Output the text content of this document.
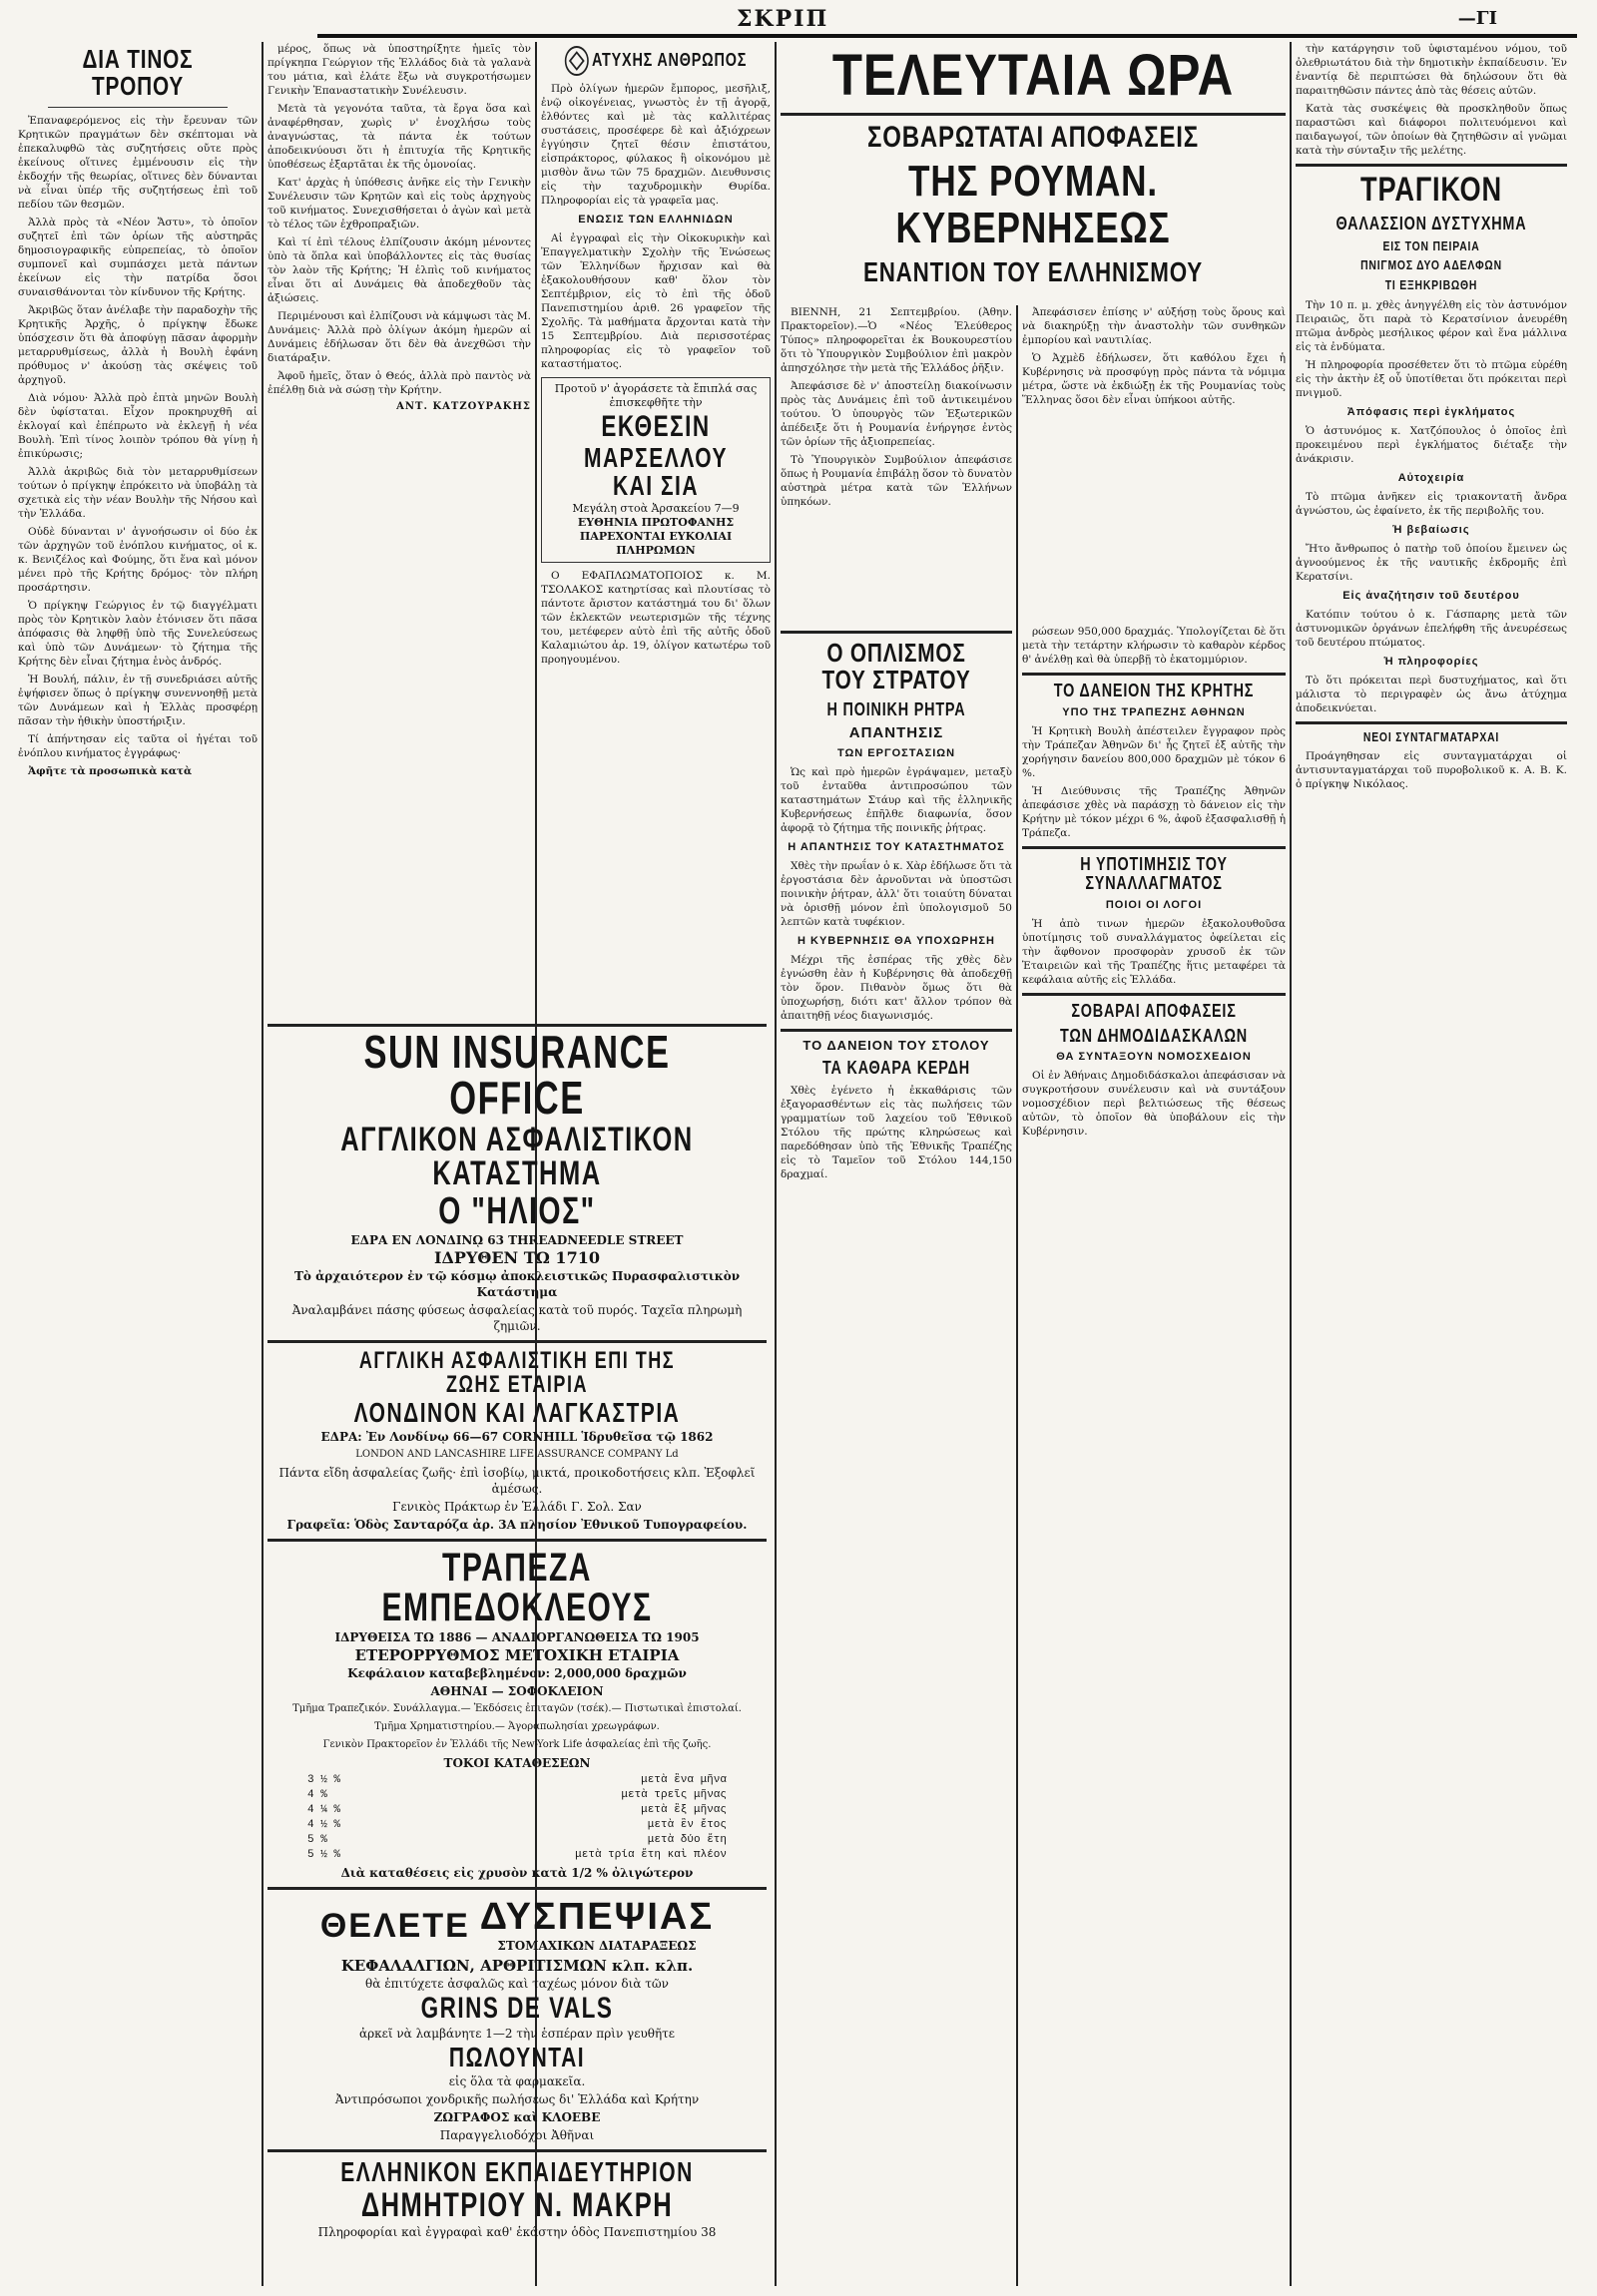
ΣΚΡΙΠ	—ΓΙ
ΔΙΑ ΤΙΝΟΣ ΤΡΟΠΟΥ

Ἐπαναφερόμενος εἰς τὴν ἔρευναν τῶν Κρητικῶν πραγμάτων δὲν σκέπτομαι νὰ ἐπεκαλυφθῶ τὰς συζητήσεις οὔτε πρὸς ἐκείνους οἵτινες ἐμμένουσιν εἰς τὴν ἐκδοχήν τῆς θεωρίας, οἵτινες δὲν δύνανται νὰ εἶναι ὑπέρ τῆς συζητήσεως ἐπὶ τοῦ πεδίου τῶν θεσμῶν.

Ἀλλὰ πρὸς τὰ «Νέον Ἄστυ», τὸ ὁποῖον συζητεῖ ἐπὶ τῶν ὁρίων τῆς αὐστηρᾶς δημοσιογραφικῆς εὐπρεπείας, τὸ ὁποῖον συμπονεῖ καὶ συμπάσχει μετὰ πάντων ἐκείνων εἰς τὴν πατρίδα ὅσοι συναισθάνονται τὸν κίνδυνον τῆς Κρήτης.

Ἀκριβῶς ὅταν ἀνέλαβε τὴν παραδοχὴν τῆς Κρητικῆς Ἀρχῆς, ὁ πρίγκηψ ἔδωκε ὑπόσχεσιν ὅτι θὰ ἀποφύγῃ πᾶσαν ἀφορμὴν μεταρρυθμίσεως, ἀλλὰ ἡ Βουλὴ ἐφάνη πρόθυμος ν' ἀκούσῃ τὰς σκέψεις τοῦ ἀρχηγοῦ.

Διὰ νόμου· Ἀλλὰ πρὸ ἐπτὰ μηνῶν Βουλὴ δὲν ὑφίσταται. Εἶχον προκηρυχθῆ αἱ ἐκλογαί καὶ ἐπέπρωτο νὰ ἐκλεγῇ ἡ νέα Βουλὴ. Ἐπὶ τίνος λοιπὸν τρόπου θὰ γίνῃ ἡ ἐπικύρωσις;

Ἀλλὰ ἀκριβῶς διὰ τὸν μεταρρυθμίσεων τούτων ὁ πρίγκηψ ἐπρόκειτο νὰ ὑποβάλῃ τὰ σχετικὰ εἰς τὴν νέαν Βουλὴν τῆς Νήσου καὶ τὴν Ἑλλάδα.

Οὐδὲ δύνανται ν' ἀγνοήσωσιν οἱ δύο ἐκ τῶν ἀρχηγῶν τοῦ ἐνόπλου κινήματος, οἱ κ. κ. Βενιζέλος καὶ Φούμης, ὅτι ἕνα καὶ μόνον μένει πρὸ τῆς Κρήτης δρόμος· τὸν πλήρη προσάρτησιν.

Ὁ πρίγκηψ Γεώργιος ἐν τῷ διαγγέλματι πρὸς τὸν Κρητικὸν λαὸν ἐτόνισεν ὅτι πᾶσα ἀπόφασις θὰ ληφθῇ ὑπὸ τῆς Συνελεύσεως καὶ ὑπὸ τῶν Δυνάμεων· τὸ ζήτημα τῆς Κρήτης δὲν εἶναι ζήτημα ἑνὸς ἀνδρός.

Ἡ Βουλή, πάλιν, ἐν τῇ συνεδριάσει αὐτῆς ἐψήφισεν ὅπως ὁ πρίγκηψ συνεννοηθῇ μετὰ τῶν Δυνάμεων καὶ ἡ Ἑλλὰς προσφέρῃ πᾶσαν τὴν ἠθικὴν ὑποστήριξιν.

Τί ἀπήντησαν εἰς ταῦτα οἱ ἠγέται τοῦ ἐνόπλου κινήματος ἐγγράφως·

Ἀφῆτε τὰ προσωπικὰ κατὰ

μέρος, ὅπως νὰ ὑποστηρίξητε ἡμεῖς τὸν πρίγκηπα Γεώργιον τῆς Ἑλλάδος διὰ τὰ γαλανὰ του μάτια, καὶ ἐλάτε ἔξω νὰ συγκροτήσωμεν Γενικὴν Ἐπαναστατικὴν Συνέλευσιν.

Μετὰ τὰ γεγονότα ταῦτα, τὰ ἔργα ὅσα καὶ ἀναφέρθησαν, χωρὶς ν' ἐνοχλήσω τοὺς ἀναγνώστας, τὰ πάντα ἐκ τούτων ἀποδεικνύουσι ὅτι ἡ ἐπιτυχία τῆς Κρητικῆς ὑποθέσεως ἐξαρτᾶται ἐκ τῆς ὁμονοίας.

Κατ' ἀρχὰς ἡ ὑπόθεσις ἀνῆκε εἰς τὴν Γενικὴν Συνέλευσιν τῶν Κρητῶν καὶ εἰς τοὺς ἀρχηγοὺς τοῦ κινήματος. Συνεχισθήσεται ὁ ἀγὼν καὶ μετὰ τὸ τέλος τῶν ἐχθροπραξιῶν.

Καὶ τί ἐπὶ τέλους ἐλπίζουσιν ἀκόμη μένοντες ὑπὸ τὰ ὅπλα καὶ ὑποβάλλοντες εἰς τὰς θυσίας τὸν λαὸν τῆς Κρήτης; Ἡ ἐλπὶς τοῦ κινήματος εἶναι ὅτι αἱ Δυνάμεις θὰ ἀποδεχθοῦν τὰς ἀξιώσεις.

Περιμένουσι καὶ ἐλπίζουσι νὰ κάμψωσι τὰς Μ. Δυνάμεις· Ἀλλὰ πρὸ ὀλίγων ἀκόμη ἡμερῶν αἱ Δυνάμεις ἐδήλωσαν ὅτι δὲν θὰ ἀνεχθῶσι τὴν διατάραξιν.

Ἀφοῦ ἡμεῖς, ὅταν ὁ Θεός, ἀλλὰ πρὸ παντὸς νὰ ἐπέλθῃ διὰ νὰ σώσῃ τὴν Κρήτην.

ΑΝΤ. ΚΑΤΖΟΥΡΑΚΗΣ
ΑΤΥΧΗΣ ΑΝΘΡΩΠΟΣ

Πρὸ ὀλίγων ἡμερῶν ἔμπορος, μεσῆλιξ, ἐνῷ οἰκογένειας, γνωστὸς ἐν τῇ ἀγορᾷ, ἐλθόντες καὶ μὲ τὰς καλλιτέρας συστάσεις, προσέφερε δὲ καὶ ἀξιόχρεων ἐγγύησιν ζητεῖ θέσιν ἐπιστάτου, εἰσπράκτορος, φύλακος ἢ οἰκονόμου μὲ μισθὸν ἄνω τῶν 75 δραχμῶν. Διευθυνσις εἰς τὴν ταχυδρομικὴν Θυρίδα. Πληροφορίαι εἰς τὰ γραφεῖα μας.

ΕΝΩΣΙΣ ΤΩΝ ΕΛΛΗΝΙΔΩΝ

Αἱ ἐγγραφαὶ εἰς τὴν Οἰκοκυρικὴν καὶ Ἐπαγγελματικὴν Σχολὴν τῆς Ἑνώσεως τῶν Ἑλληνίδων ἤρχισαν καὶ θὰ ἐξακολουθήσουν καθ' ὅλον τὸν Σεπτέμβριον, εἰς τὸ ἐπὶ τῆς ὁδοῦ Πανεπιστημίου ἀριθ. 26 γραφεῖον τῆς Σχολῆς. Τὰ μαθήματα ἄρχονται κατὰ τὴν 15 Σεπτεμβρίου. Διὰ περισσοτέρας πληροφορίας εἰς τὸ γραφεῖον τοῦ καταστήματος.

Προτοῦ ν' ἀγοράσετε τὰ ἔπιπλά σας ἐπισκεφθῆτε τὴν
ΕΚΘΕΣΙΝ
ΜΑΡΣΕΛΛΟΥ ΚΑΙ ΣΙΑ
Μεγάλη στοὰ Ἀρσακείου 7—9
ΕΥΘΗΝΙΑ ΠΡΩΤΟΦΑΝΗΣ
ΠΑΡΕΧΟΝΤΑΙ ΕΥΚΟΛΙΑΙ ΠΛΗΡΩΜΩΝ

Ο ΕΦΑΠΛΩΜΑΤΟΠΟΙΟΣ κ. Μ. ΤΣΟΛΑΚΟΣ κατηρτίσας καὶ πλουτίσας τὸ πάντοτε ἄριστον κατάστημά του δι' ὅλων τῶν ἐκλεκτῶν νεωτερισμῶν τῆς τέχνης του, μετέφερεν αὐτὸ ἐπὶ τῆς αὐτῆς ὁδοῦ Καλαμιώτου ἀρ. 19, ὀλίγον κατωτέρω τοῦ προηγουμένου.

ΤΕΛΕΥΤΑΙΑ ΩΡΑ
ΣΟΒΑΡΩΤΑΤΑΙ ΑΠΟΦΑΣΕΙΣ
ΤΗΣ ΡΟΥΜΑΝ. ΚΥΒΕΡΝΗΣΕΩΣ
ΕΝΑΝΤΙΟΝ ΤΟΥ ΕΛΛΗΝΙΣΜΟΥ

ΒΙΕΝΝΗ, 21 Σεπτεμβρίου. (Ἀθην. Πρακτορεῖον).—Ὁ «Νέος Ἐλεύθερος Τύπος» πληροφορεῖται ἐκ Βουκουρεστίου ὅτι τὸ Ὑπουργικὸν Συμβούλιον ἐπὶ μακρὸν ἀπησχόλησε τὴν μετὰ τῆς Ἑλλάδος ῥῆξιν.

Ἀπεφάσισε δὲ ν' ἀποστείλῃ διακοίνωσιν πρὸς τὰς Δυνάμεις ἐπὶ τοῦ ἀντικειμένου τούτου. Ὁ ὑπουργὸς τῶν Ἐξωτερικῶν ἀπέδειξε ὅτι ἡ Ρουμανία ἐνήργησε ἐντὸς τῶν ὁρίων τῆς ἀξιοπρεπείας.

Τὸ Ὑπουργικὸν Συμβούλιον ἀπεφάσισε ὅπως ἡ Ρουμανία ἐπιβάλῃ ὅσον τὸ δυνατὸν αὐστηρὰ μέτρα κατὰ τῶν Ἑλλήνων ὑπηκόων.

Ἀπεφάσισεν ἐπίσης ν' αὐξήσῃ τοὺς ὅρους καὶ νὰ διακηρύξῃ τὴν ἀναστολὴν τῶν συνθηκῶν ἐμπορίου καὶ ναυτιλίας.

Ὁ Ἀχμὲδ ἐδήλωσεν, ὅτι καθόλου ἔχει ἡ Κυβέρνησις νὰ προσφύγῃ πρὸς πάντα τὰ νόμιμα μέτρα, ὥστε νὰ ἐκδιώξῃ ἐκ τῆς Ρουμανίας τοὺς Ἕλληνας ὅσοι δὲν εἶναι ὑπήκοοι αὐτῆς.

Ο ΟΠΛΙΣΜΟΣ ΤΟΥ ΣΤΡΑΤΟΥ
Η ΠΟΙΝΙΚΗ ΡΗΤΡΑ
ΑΠΑΝΤΗΣΙΣ
ΤΩΝ ΕΡΓΟΣΤΑΣΙΩΝ

Ὡς καὶ πρὸ ἡμερῶν ἐγράψαμεν, μεταξὺ τοῦ ἐνταῦθα ἀντιπροσώπου τῶν καταστημάτων Στάυρ καὶ τῆς ἑλληνικῆς Κυβερνήσεως ἐπῆλθε διαφωνία, ὅσον ἀφορᾷ τὸ ζήτημα τῆς ποινικῆς ῥήτρας.

Η ΑΠΑΝΤΗΣΙΣ ΤΟΥ ΚΑΤΑΣΤΗΜΑΤΟΣ

Χθὲς τὴν πρωΐαν ὁ κ. Χὰρ ἐδήλωσε ὅτι τὰ ἐργοστάσια δὲν ἀρνοῦνται νὰ ὑποστῶσι ποινικὴν ῥήτραν, ἀλλ' ὅτι τοιαύτη δύναται νὰ ὁρισθῇ μόνον ἐπὶ ὑπολογισμοῦ 50 λεπτῶν κατὰ τυφέκιον.

Η ΚΥΒΕΡΝΗΣΙΣ ΘΑ ΥΠΟΧΩΡΗΣΗ

Μέχρι τῆς ἑσπέρας τῆς χθὲς δὲν ἐγνώσθη ἐὰν ἡ Κυβέρνησις θὰ ἀποδεχθῇ τὸν ὅρον. Πιθανὸν ὅμως ὅτι θὰ ὑποχωρήσῃ, διότι κατ' ἄλλον τρόπον θὰ ἀπαιτηθῇ νέος διαγωνισμός.

ΤΟ ΔΑΝΕΙΟΝ ΤΟΥ ΣΤΟΛΟΥ
ΤΑ ΚΑΘΑΡΑ ΚΕΡΔΗ

Χθὲς ἐγένετο ἡ ἐκκαθάρισις τῶν ἐξαγορασθέντων εἰς τὰς πωλήσεις τῶν γραμματίων τοῦ λαχείου τοῦ Ἐθνικοῦ Στόλου τῆς πρώτης κληρώσεως καὶ παρεδόθησαν ὑπὸ τῆς Ἐθνικῆς Τραπέζης εἰς τὸ Ταμεῖον τοῦ Στόλου 144,150 δραχμαί.

ρώσεων 950,000 δραχμάς. Ὑπολογίζεται δὲ ὅτι μετὰ τὴν τετάρτην κλήρωσιν τὸ καθαρὸν κέρδος θ' ἀνέλθῃ καὶ θὰ ὑπερβῇ τὸ ἑκατομμύριον.

ΤΟ ΔΑΝΕΙΟΝ ΤΗΣ ΚΡΗΤΗΣ
ΥΠΟ ΤΗΣ ΤΡΑΠΕΖΗΣ ΑΘΗΝΩΝ

Ἡ Κρητικὴ Βουλὴ ἀπέστειλεν ἔγγραφον πρὸς τὴν Τράπεζαν Ἀθηνῶν δι' ἧς ζητεῖ ἐξ αὐτῆς τὴν χορήγησιν δανείου 800,000 δραχμῶν μὲ τόκον 6 %.

Ἡ Διεύθυνσις τῆς Τραπέζης Ἀθηνῶν ἀπεφάσισε χθὲς νὰ παράσχῃ τὸ δάνειον εἰς τὴν Κρήτην μὲ τόκον μέχρι 6 %, ἀφοῦ ἐξασφαλισθῇ ἡ Τράπεζα.

Η ΥΠΟΤΙΜΗΣΙΣ ΤΟΥ ΣΥΝΑΛΛΑΓΜΑΤΟΣ
ΠΟΙΟΙ ΟΙ ΛΟΓΟΙ

Ἡ ἀπὸ τινων ἡμερῶν ἐξακολουθοῦσα ὑποτίμησις τοῦ συναλλάγματος ὀφείλεται εἰς τὴν ἄφθονον προσφορὰν χρυσοῦ ἐκ τῶν Ἑταιρειῶν καὶ τῆς Τραπέζης ἥτις μεταφέρει τὰ κεφάλαια αὐτῆς εἰς Ἑλλάδα.

ΣΟΒΑΡΑΙ ΑΠΟΦΑΣΕΙΣ
ΤΩΝ ΔΗΜΟΔΙΔΑΣΚΑΛΩΝ
ΘΑ ΣΥΝΤΑΞΟΥΝ ΝΟΜΟΣΧΕΔΙΟΝ

Οἱ ἐν Ἀθήναις Δημοδιδάσκαλοι ἀπεφάσισαν νὰ συγκροτήσουν συνέλευσιν καὶ νὰ συντάξουν νομοσχέδιον περὶ βελτιώσεως τῆς θέσεως αὐτῶν, τὸ ὁποῖον θὰ ὑποβάλουν εἰς τὴν Κυβέρνησιν.

τὴν κατάργησιν τοῦ ὑφισταμένου νόμου, τοῦ ὀλεθριωτάτου διὰ τὴν δημοτικὴν ἐκπαίδευσιν. Ἐν ἐναντίᾳ δὲ περιπτώσει θὰ δηλώσουν ὅτι θὰ παραιτηθῶσιν πάντες ἀπὸ τὰς θέσεις αὐτῶν.

Κατὰ τὰς συσκέψεις θὰ προσκληθοῦν ὅπως παραστῶσι καὶ διάφοροι πολιτευόμενοι καὶ παιδαγωγοί, τῶν ὁποίων θὰ ζητηθῶσιν αἱ γνῶμαι κατὰ τὴν σύνταξιν τῆς μελέτης.

ΤΡΑΓΙΚΟΝ
ΘΑΛΑΣΣΙΟΝ ΔΥΣΤΥΧΗΜΑ
ΕΙΣ ΤΟΝ ΠΕΙΡΑΙΑ
ΠΝΙΓΜΟΣ ΔΥΟ ΑΔΕΛΦΩΝ
ΤΙ ΕΞΗΚΡΙΒΩΘΗ

Τὴν 10 π. μ. χθὲς ἀνηγγέλθη εἰς τὸν ἀστυνόμον Πειραιῶς, ὅτι παρὰ τὸ Κερατσίνιον ἀνευρέθη πτῶμα ἀνδρὸς μεσήλικος φέρον καὶ ἕνα μάλλινα εἰς τὰ ἐνδύματα.

Ἡ πληροφορία προσέθετεν ὅτι τὸ πτῶμα εὑρέθη εἰς τὴν ἀκτὴν ἐξ οὗ ὑποτίθεται ὅτι πρόκειται περὶ πνιγμοῦ.

Ἀπόφασις περὶ ἐγκλήματος

Ὁ ἀστυνόμος κ. Χατζόπουλος ὁ ὁποῖος ἐπὶ προκειμένου περὶ ἐγκλήματος διέταξε τὴν ἀνάκρισιν.

Αὐτοχειρία

Τὸ πτῶμα ἀνῆκεν εἰς τριακοντατῆ ἄνδρα ἀγνώστου, ὡς ἐφαίνετο, ἐκ τῆς περιβολῆς του.

Ἡ βεβαίωσις

Ἤτο ἄνθρωπος ὁ πατὴρ τοῦ ὁποίου ἔμεινεν ὡς ἀγνοούμενος ἐκ τῆς ναυτικῆς ἐκδρομῆς ἐπὶ Κερατσίνι.

Εἰς ἀναζήτησιν τοῦ δευτέρου

Κατόπιν τούτου ὁ κ. Γάσπαρης μετὰ τῶν ἀστυνομικῶν ὀργάνων ἐπελήφθη τῆς ἀνευρέσεως τοῦ δευτέρου πτώματος.

Ἡ πληροφορίες

Τὸ ὅτι πρόκειται περὶ δυστυχήματος, καὶ ὅτι μάλιστα τὸ περιγραφὲν ὡς ἄνω ἀτύχημα ἀποδεικνύεται.

ΝΕΟΙ ΣΥΝΤΑΓΜΑΤΑΡΧΑΙ

Προάγηθησαν εἰς συνταγματάρχαι οἱ ἀντισυνταγματάρχαι τοῦ πυροβολικοῦ κ. Α. Β. Κ. ὁ πρίγκηψ Νικόλαος.

SUN INSURANCE OFFICE
ΑΓΓΛΙΚΟΝ ΑΣΦΑΛΙΣΤΙΚΟΝ ΚΑΤΑΣΤΗΜΑ
Ο "ΗΛΙΟΣ"
ΕΔΡΑ ΕΝ ΛΟΝΔΙΝῼ 63 THREADNEEDLE STREET
ΙΔΡΥΘΕΝ ΤΩ 1710
Τὸ ἀρχαιότερον ἐν τῷ κόσμῳ ἀποκλειστικῶς Πυρασφαλιστικὸν Κατάστημα
Ἀναλαμβάνει πάσης φύσεως ἀσφαλείας κατὰ τοῦ πυρός. Ταχεῖα πληρωμὴ ζημιῶν.
ΑΓΓΛΙΚΗ ΑΣΦΑΛΙΣΤΙΚΗ ΕΠΙ ΤΗΣ ΖΩΗΣ ΕΤΑΙΡΙΑ
ΛΟΝΔΙΝΟΝ ΚΑΙ ΛΑΓΚΑΣΤΡΙΑ
ΕΔΡΑ: Ἐν Λονδίνῳ 66—67 CORNHILL Ἱδρυθεῖσα τῷ 1862
LONDON AND LANCASHIRE LIFE ASSURANCE COMPANY Ld
Πάντα εἴδη ἀσφαλείας ζωῆς· ἐπὶ ἰσοβίῳ, μικτά, προικοδοτήσεις κλπ. Ἐξοφλεῖ ἀμέσως.
Γενικὸς Πράκτωρ ἐν Ἑλλάδι Γ. Σολ. Σαν
Γραφεῖα: Ὁδὸς Σανταρόζα ἀρ. 3Α πλησίον Ἐθνικοῦ Τυπογραφείου.
ΤΡΑΠΕΖΑ ΕΜΠΕΔΟΚΛΕΟΥΣ
ΙΔΡΥΘΕΙΣΑ ΤΩ 1886 — ΑΝΑΔΙΟΡΓΑΝΩΘΕΙΣΑ ΤΩ 1905
ΕΤΕΡΟΡΡΥΘΜΟΣ ΜΕΤΟΧΙΚΗ ΕΤΑΙΡΙΑ
Κεφάλαιον καταβεβλημένον: 2,000,000 δραχμῶν
ΑΘΗΝΑΙ — ΣΟΦΟΚΛΕΙΟΝ
Τμῆμα Τραπεζικόν. Συνάλλαγμα.— Ἐκδόσεις ἐπιταγῶν (τσέκ).— Πιστωτικαὶ ἐπιστολαί.
Τμῆμα Χρηματιστηρίου.— Ἀγοραπωλησίαι χρεωγράφων.
Γενικὸν Πρακτορεῖον ἐν Ἑλλάδι τῆς New-York Life ἀσφαλείας ἐπὶ τῆς ζωῆς.
ΤΟΚΟΙ ΚΑΤΑΘΕΣΕΩΝ
3 ½ %	μετὰ ἓνα μῆνα
4 %	μετὰ τρεῖς μῆνας
4 ¼ %	μετὰ ἓξ μῆνας
4 ½ %	μετὰ ἓν ἔτος
5 %	μετὰ δύο ἔτη
5 ½ %	μετὰ τρία ἔτη καὶ πλέον
Διὰ καταθέσεις εἰς χρυσὸν κατὰ 1/2 % ὀλιγώτερον
ΘΕΛΕΤΕ ΔΥΣΠΕΨΙΑΣ
ΣΤΟΜΑΧΙΚΩΝ ΔΙΑΤΑΡΑΞΕΩΣ
ΚΕΦΑΛΑΛΓΙΩΝ, ΑΡΘΡΙΤΙΣΜΩΝ κλπ. κλπ.
θὰ ἐπιτύχετε ἀσφαλῶς καὶ ταχέως μόνον διὰ τῶν
GRINS DE VALS
ἀρκεῖ νὰ λαμβάνητε 1—2 τὴν ἑσπέραν πρὶν γευθῆτε
ΠΩΛΟΥΝΤΑΙ
εἰς ὅλα τὰ φαρμακεῖα.
Ἀντιπρόσωποι χονδρικῆς πωλήσεως δι' Ἑλλάδα καὶ Κρήτην
ΖΩΓΡΑΦΟΣ καὶ ΚΛΟΕΒΕ
Παραγγελιοδόχοι Ἀθῆναι
ΕΛΛΗΝΙΚΟΝ ΕΚΠΑΙΔΕΥΤΗΡΙΟΝ
ΔΗΜΗΤΡΙΟΥ Ν. ΜΑΚΡΗ
Πληροφορίαι καὶ ἐγγραφαὶ καθ' ἑκάστην ὁδὸς Πανεπιστημίου 38
